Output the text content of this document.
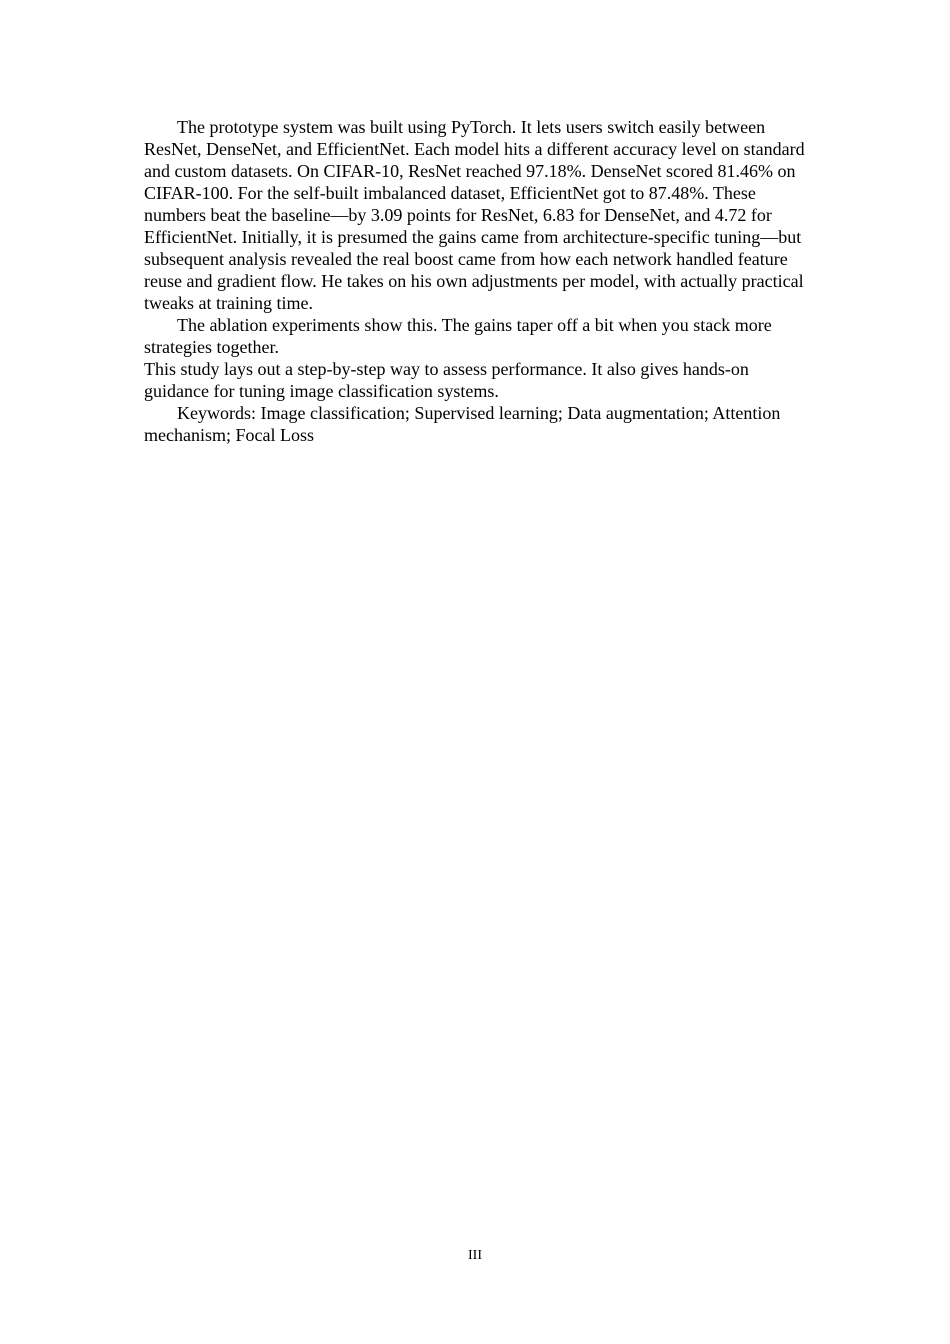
The prototype system was built using PyTorch. It lets users switch easily between ResNet, DenseNet, and EfficientNet. Each model hits a different accuracy level on standard and custom datasets. On CIFAR-10, ResNet reached 97.18%. DenseNet scored 81.46% on CIFAR-100. For the self-built imbalanced dataset, EfficientNet got to 87.48%. These numbers beat the baseline—by 3.09 points for ResNet, 6.83 for DenseNet, and 4.72 for EfficientNet. Initially, it is presumed the gains came from architecture-specific tuning—but subsequent analysis revealed the real boost came from how each network handled feature reuse and gradient flow. He takes on his own adjustments per model, with actually practical tweaks at training time.

The ablation experiments show this. The gains taper off a bit when you stack more strategies together.

This study lays out a step-by-step way to assess performance. It also gives hands-on guidance for tuning image classification systems.

Keywords: Image classification; Supervised learning; Data augmentation; Attention mechanism; Focal Loss

III
